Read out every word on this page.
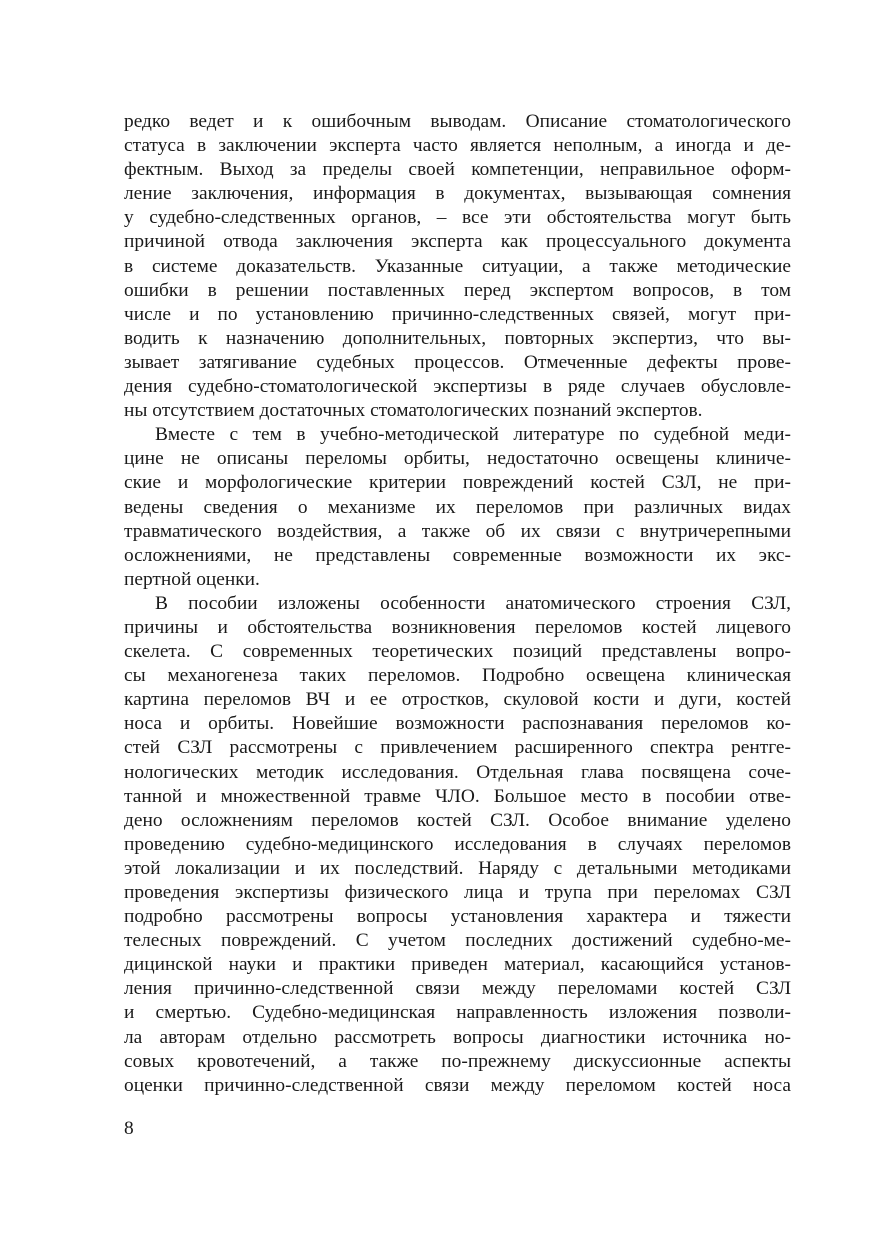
редко ведет и к ошибочным выводам. Описание стоматологического
статуса в заключении эксперта часто является неполным, а иногда и де-
фектным. Выход за пределы своей компетенции, неправильное оформ-
ление заключения, информация в документах, вызывающая сомнения
у судебно-следственных органов, – все эти обстоятельства могут быть
причиной отвода заключения эксперта как процессуального документа
в системе доказательств. Указанные ситуации, а также методические
ошибки в решении поставленных перед экспертом вопросов, в том
числе и по установлению причинно-следственных связей, могут при-
водить к назначению дополнительных, повторных экспертиз, что вы-
зывает затягивание судебных процессов. Отмеченные дефекты прове-
дения судебно-стоматологической экспертизы в ряде случаев обусловле-
ны отсутствием достаточных стоматологических познаний экспертов.
Вместе с тем в учебно-методической литературе по судебной меди-
цине не описаны переломы орбиты, недостаточно освещены клиниче-
ские и морфологические критерии повреждений костей СЗЛ, не при-
ведены сведения о механизме их переломов при различных видах
травматического воздействия, а также об их связи с внутричерепными
осложнениями, не представлены современные возможности их экс-
пертной оценки.
В пособии изложены особенности анатомического строения СЗЛ,
причины и обстоятельства возникновения переломов костей лицевого
скелета. С современных теоретических позиций представлены вопро-
сы механогенеза таких переломов. Подробно освещена клиническая
картина переломов ВЧ и ее отростков, скуловой кости и дуги, костей
носа и орбиты. Новейшие возможности распознавания переломов ко-
стей СЗЛ рассмотрены с привлечением расширенного спектра рентге-
нологических методик исследования. Отдельная глава посвящена соче-
танной и множественной травме ЧЛО. Большое место в пособии отве-
дено осложнениям переломов костей СЗЛ. Особое внимание уделено
проведению судебно-медицинского исследования в случаях переломов
этой локализации и их последствий. Наряду с детальными методиками
проведения экспертизы физического лица и трупа при переломах СЗЛ
подробно рассмотрены вопросы установления характера и тяжести
телесных повреждений. С учетом последних достижений судебно-ме-
дицинской науки и практики приведен материал, касающийся установ-
ления причинно-следственной связи между переломами костей СЗЛ
и смертью. Судебно-медицинская направленность изложения позволи-
ла авторам отдельно рассмотреть вопросы диагностики источника но-
совых кровотечений, а также по-прежнему дискуссионные аспекты
оценки причинно-следственной связи между переломом костей носа
8
